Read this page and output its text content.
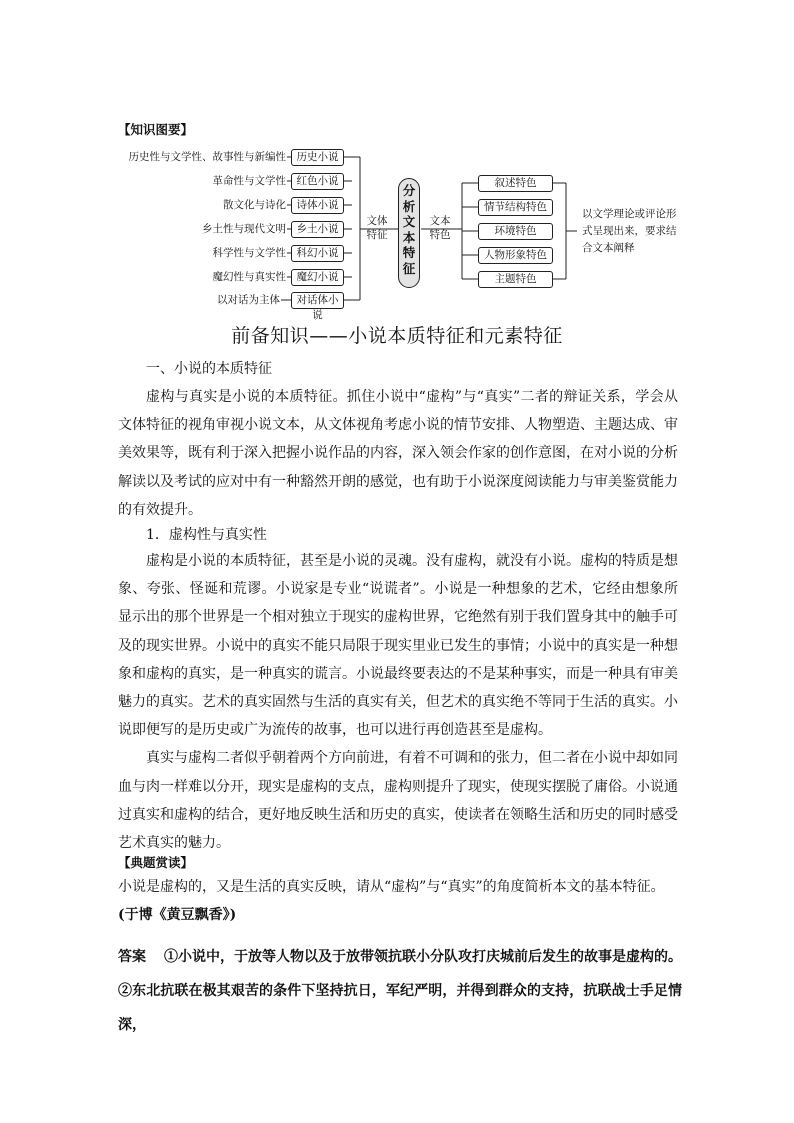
【知识图要】
历史性与文学性、故事性与新编性	历史小说
革命性与文学性	红色小说
散文化与诗化	诗体小说
乡土性与现代文明	乡土小说
科学性与文学性	科幻小说
魔幻性与真实性	魔幻小说
以对话为主体	对话体小说
文体特征
分析文本特征
文本特色
叙述特色
情节结构特色
环境特色
人物形象特色
主题特色
以文学理论或评论形式呈现出来，要求结合文本阐释
前备知识——小说本质特征和元素特征
一、小说的本质特征

虚构与真实是小说的本质特征。抓住小说中“虚构”与“真实”二者的辩证关系，学会从文体特征的视角审视小说文本，从文体视角考虑小说的情节安排、人物塑造、主题达成、审美效果等，既有利于深入把握小说作品的内容，深入领会作家的创作意图，在对小说的分析解读以及考试的应对中有一种豁然开朗的感觉，也有助于小说深度阅读能力与审美鉴赏能力的有效提升。

1．虚构性与真实性

虚构是小说的本质特征，甚至是小说的灵魂。没有虚构，就没有小说。虚构的特质是想象、夸张、怪诞和荒谬。小说家是专业“说谎者”。小说是一种想象的艺术，它经由想象所显示出的那个世界是一个相对独立于现实的虚构世界，它绝然有别于我们置身其中的触手可及的现实世界。小说中的真实不能只局限于现实里业已发生的事情；小说中的真实是一种想象和虚构的真实，是一种真实的谎言。小说最终要表达的不是某种事实，而是一种具有审美魅力的真实。艺术的真实固然与生活的真实有关，但艺术的真实绝不等同于生活的真实。小说即便写的是历史或广为流传的故事，也可以进行再创造甚至是虚构。

真实与虚构二者似乎朝着两个方向前进，有着不可调和的张力，但二者在小说中却如同血与肉一样难以分开，现实是虚构的支点，虚构则提升了现实，使现实摆脱了庸俗。小说通过真实和虚构的结合，更好地反映生活和历史的真实，使读者在领略生活和历史的同时感受艺术真实的魅力。

【典题赏读】

小说是虚构的，又是生活的真实反映，请从“虚构”与“真实”的角度简析本文的基本特征。

(于博《黄豆飘香》)

答案 ①小说中，于放等人物以及于放带领抗联小分队攻打庆城前后发生的故事是虚构的。②东北抗联在极其艰苦的条件下坚持抗日，军纪严明，并得到群众的支持，抗联战士手足情深，
